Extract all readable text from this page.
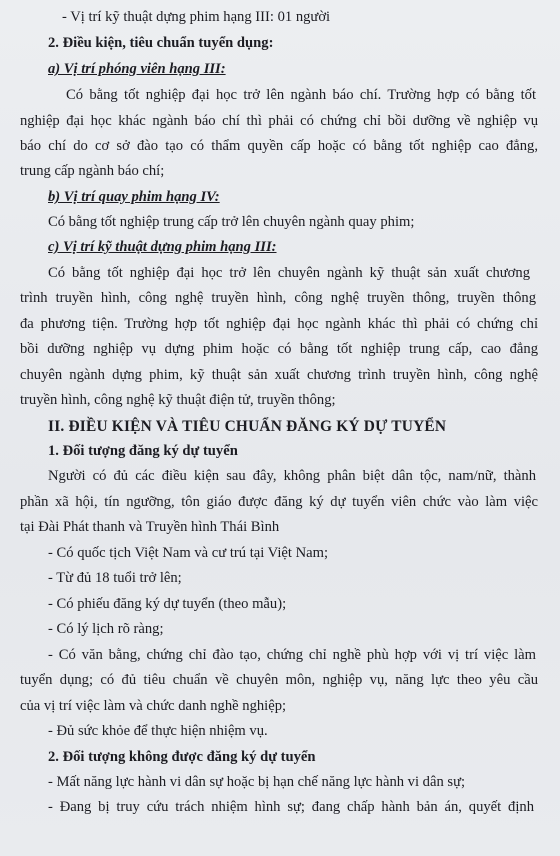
- Vị trí kỹ thuật dựng phim hạng III: 01 người
2. Điều kiện, tiêu chuẩn tuyển dụng:
a) Vị trí phóng viên hạng III:
Có bằng tốt nghiệp đại học trở lên ngành báo chí. Trường hợp có bằng tốt
nghiệp đại học khác ngành báo chí thì phải có chứng chỉ bồi dưỡng về nghiệp vụ
báo chí do cơ sở đào tạo có thẩm quyền cấp hoặc có bằng tốt nghiệp cao đẳng,
trung cấp ngành báo chí;
b) Vị trí quay phim hạng IV:
Có bằng tốt nghiệp trung cấp trở lên chuyên ngành quay phim;
c) Vị trí kỹ thuật dựng phim hạng III:
Có bằng tốt nghiệp đại học trở lên chuyên ngành kỹ thuật sản xuất chương
trình truyền hình, công nghệ truyền hình, công nghệ truyền thông, truyền thông
đa phương tiện. Trường hợp tốt nghiệp đại học ngành khác thì phải có chứng chỉ
bồi dưỡng nghiệp vụ dựng phim hoặc có bằng tốt nghiệp trung cấp, cao đẳng
chuyên ngành dựng phim, kỹ thuật sản xuất chương trình truyền hình, công nghệ
truyền hình, công nghệ kỹ thuật điện tử, truyền thông;
II. ĐIỀU KIỆN VÀ TIÊU CHUẨN ĐĂNG KÝ DỰ TUYỂN
1. Đối tượng đăng ký dự tuyển
Người có đủ các điều kiện sau đây, không phân biệt dân tộc, nam/nữ, thành
phần xã hội, tín ngưỡng, tôn giáo được đăng ký dự tuyển viên chức vào làm việc
tại Đài Phát thanh và Truyền hình Thái Bình
- Có quốc tịch Việt Nam và cư trú tại Việt Nam;
- Từ đủ 18 tuổi trở lên;
- Có phiếu đăng ký dự tuyển (theo mẫu);
- Có lý lịch rõ ràng;
- Có văn bằng, chứng chỉ đào tạo, chứng chỉ nghề phù hợp với vị trí việc làm
tuyển dụng; có đủ tiêu chuẩn về chuyên môn, nghiệp vụ, năng lực theo yêu cầu
của vị trí việc làm và chức danh nghề nghiệp;
- Đủ sức khỏe để thực hiện nhiệm vụ.
2. Đối tượng không được đăng ký dự tuyển
- Mất năng lực hành vi dân sự hoặc bị hạn chế năng lực hành vi dân sự;
- Đang bị truy cứu trách nhiệm hình sự; đang chấp hành bản án, quyết định
